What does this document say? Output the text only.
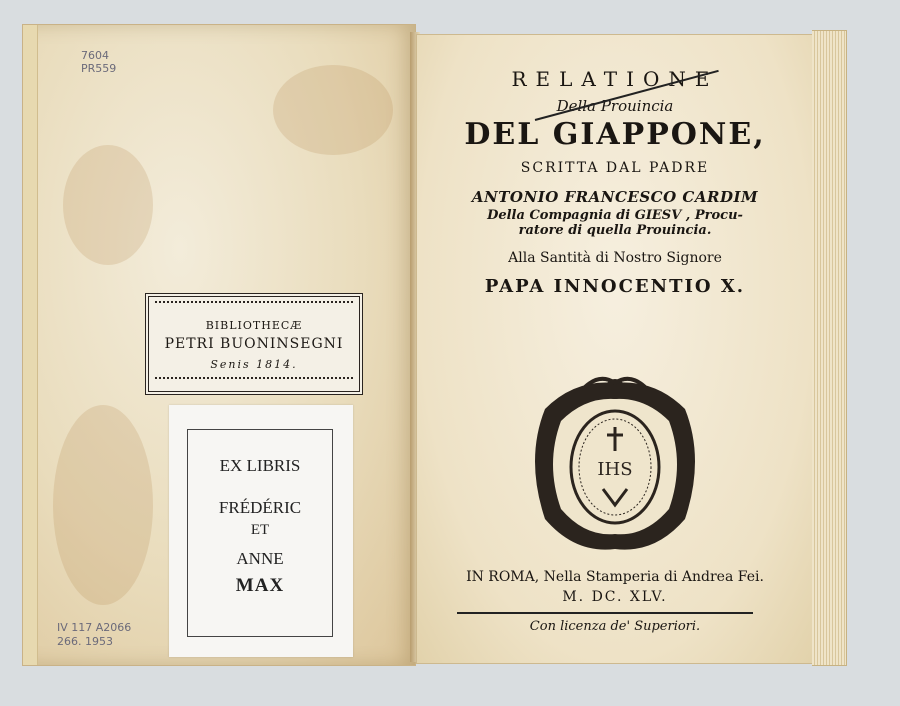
7604
PR559
IV 117 A2066
266. 1953
BIBLIOTHECÆ
PETRI BUONINSEGNI
Senis 1814.
EX LIBRIS
FRÉDÉRIC
ET
ANNE
MAX
RELATIONE
Della Prouincia
DEL GIAPPONE,
SCRITTA DAL PADRE
ANTONIO FRANCESCO CARDIM
Della Compagnia di GIESV , Procu-
ratore di quella Prouincia.
Alla Santità di Nostro Signore
PAPA INNOCENTIO X.
IHS
IN ROMA, Nella Stamperia di Andrea Fei.
M. DC. XLV.
Con licenza de' Superiori.
